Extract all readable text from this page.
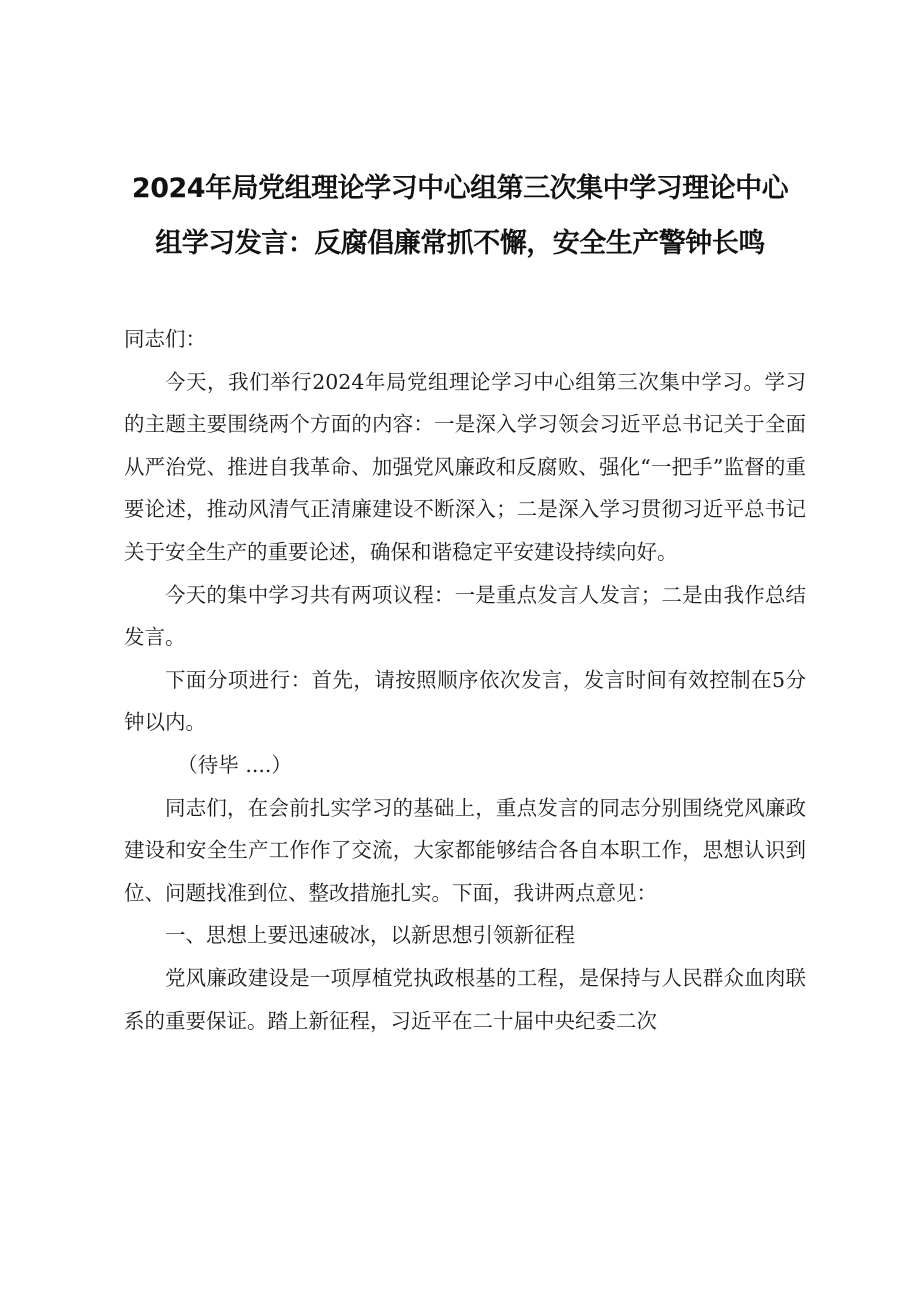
2024年局党组理论学习中心组第三次集中学习理论中心
组学习发言：反腐倡廉常抓不懈，安全生产警钟长鸣

同志们：

今天，我们举行2024年局党组理论学习中心组第三次集中学习。学习的主题主要围绕两个方面的内容：一是深入学习领会习近平总书记关于全面从严治党、推进自我革命、加强党风廉政和反腐败、强化“一把手”监督的重要论述，推动风清气正清廉建设不断深入；二是深入学习贯彻习近平总书记关于安全生产的重要论述，确保和谐稳定平安建设持续向好。

今天的集中学习共有两项议程：一是重点发言人发言；二是由我作总结发言。

下面分项进行：首先，请按照顺序依次发言，发言时间有效控制在5分钟以内。

（待毕 ....）

同志们，在会前扎实学习的基础上，重点发言的同志分别围绕党风廉政建设和安全生产工作作了交流，大家都能够结合各自本职工作，思想认识到位、问题找准到位、整改措施扎实。下面，我讲两点意见：

一、思想上要迅速破冰，以新思想引领新征程

党风廉政建设是一项厚植党执政根基的工程，是保持与人民群众血肉联系的重要保证。踏上新征程，习近平在二十届中央纪委二次
